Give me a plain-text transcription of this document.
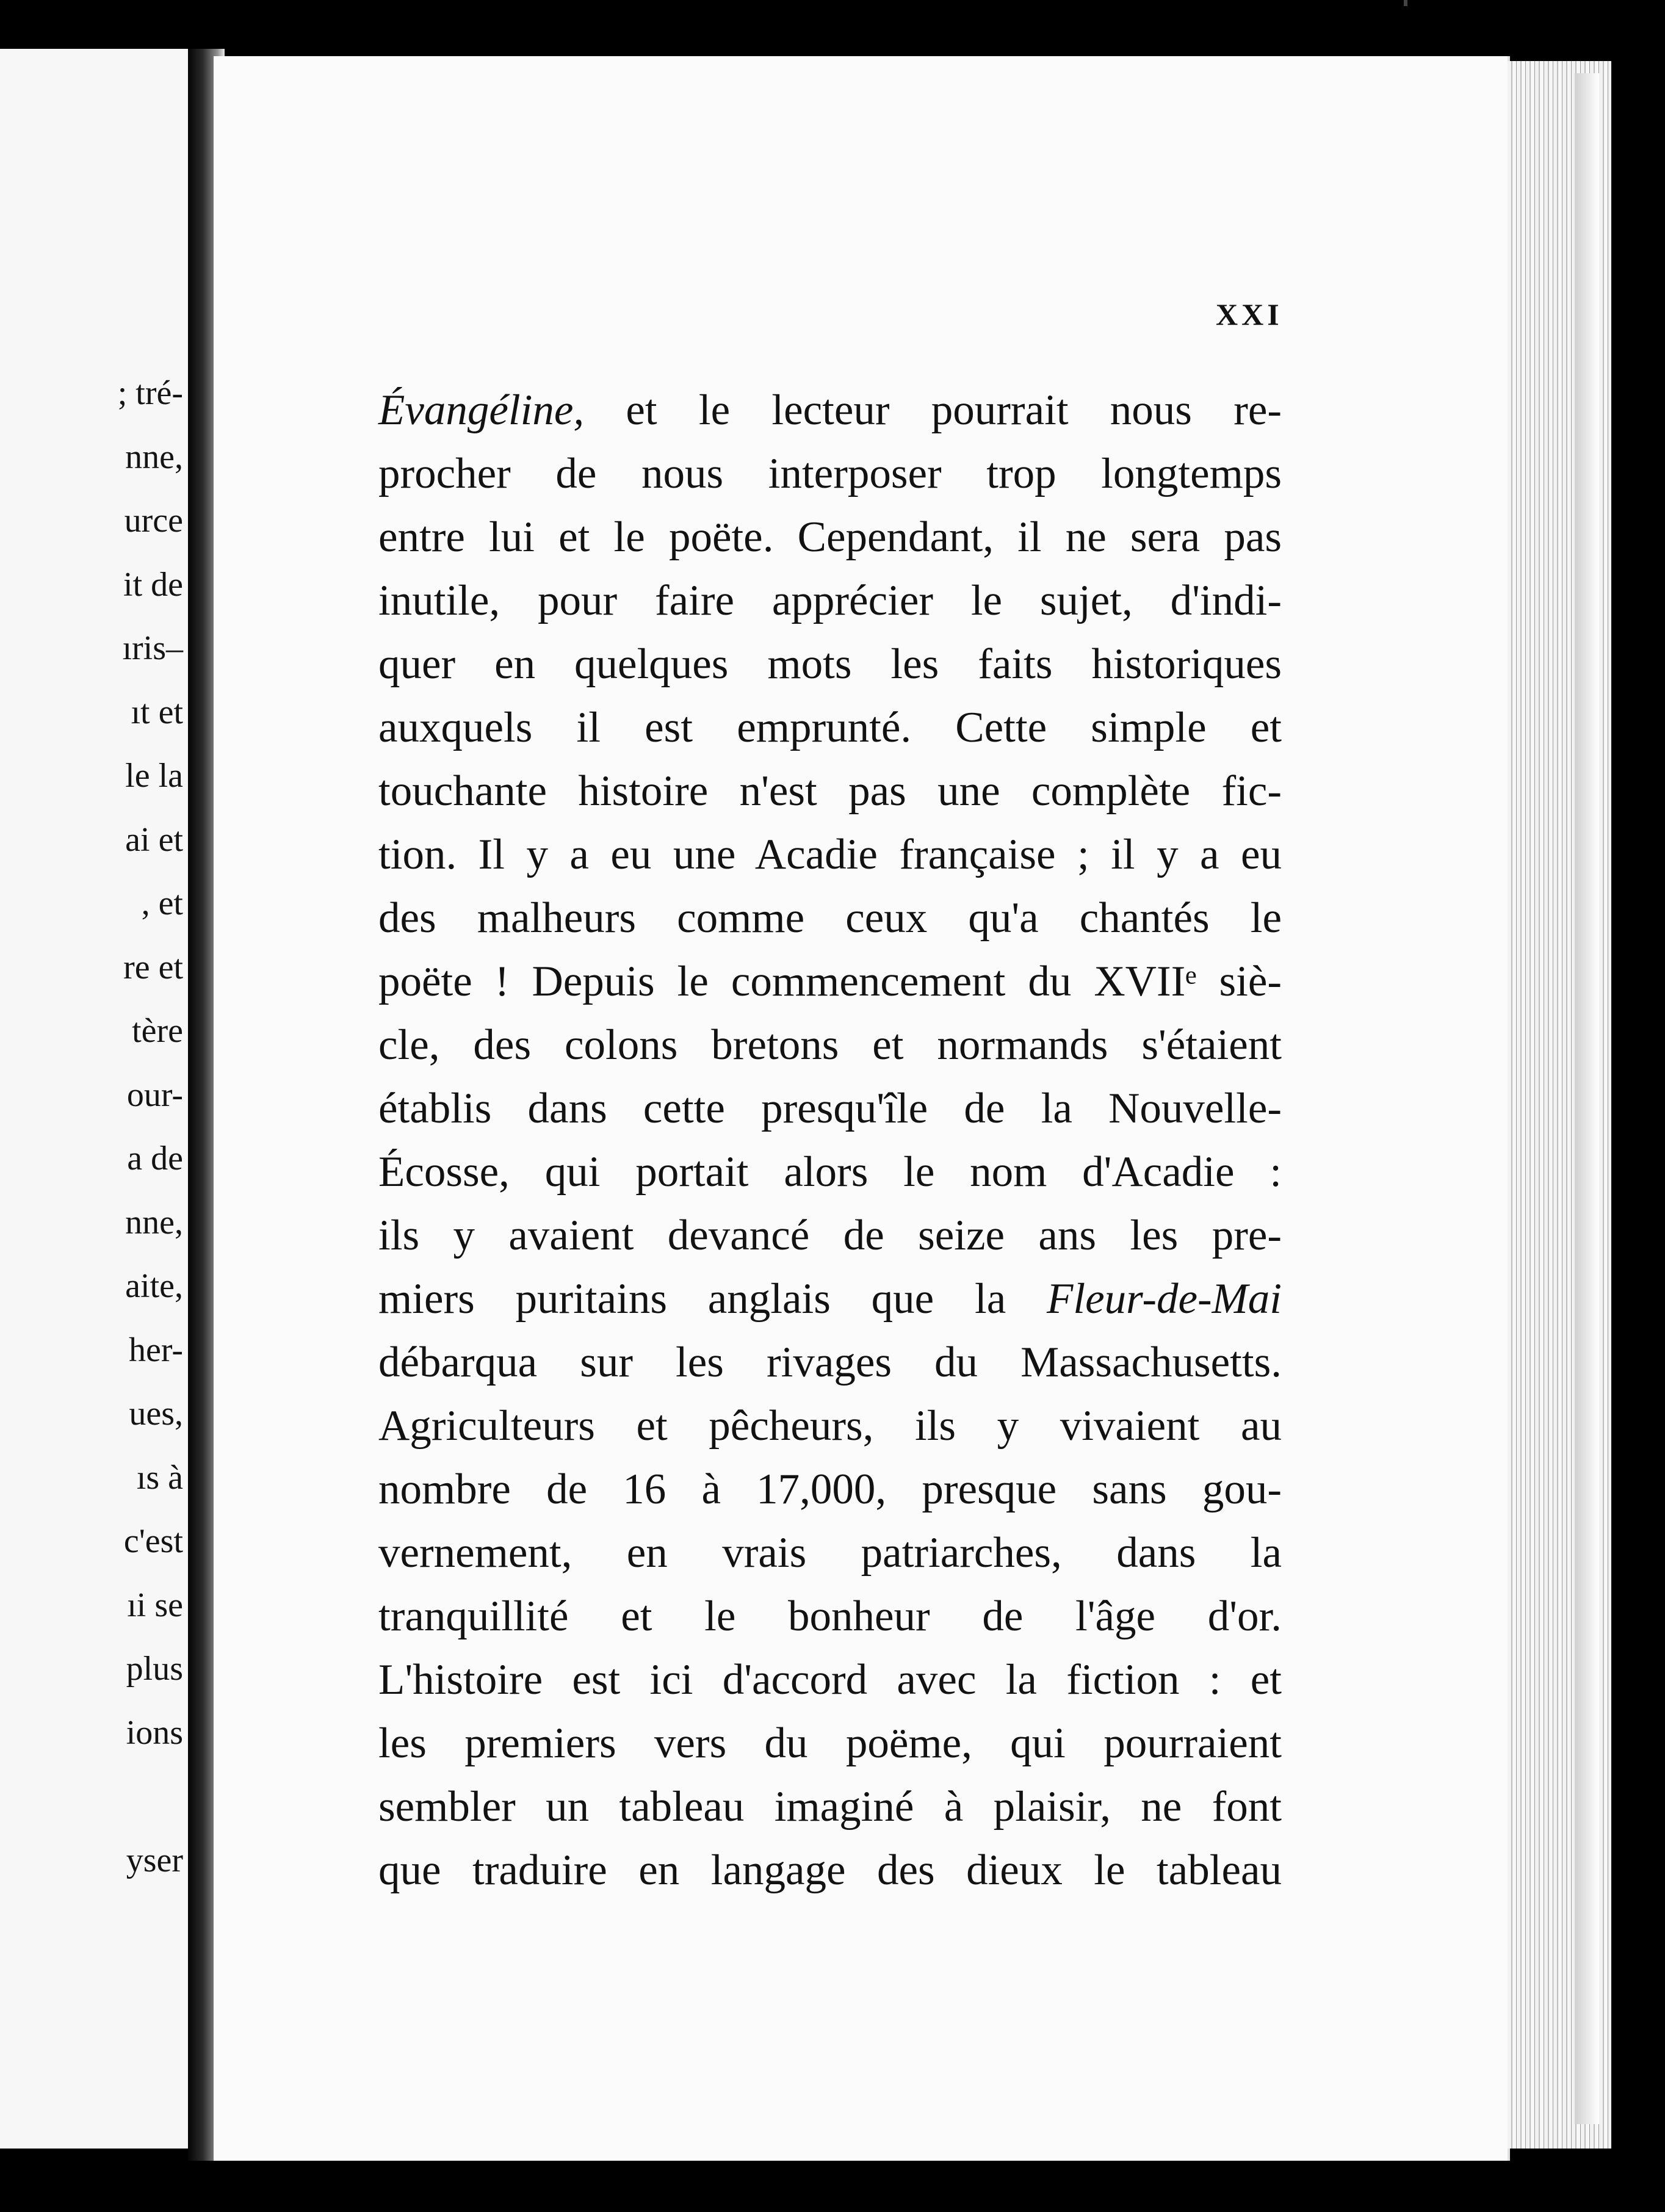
; tré-
nne,
urce
it de
ıris–
ıt et
le la
ai et
, et
re et
tère
our-
a de
nne,
aite,
her-
ues,
ıs à
c'est
ıi se
plus
ions
yser
XXI
Évangéline, et le lecteur pourrait nous re-
procher de nous interposer trop longtemps
entre lui et le poëte. Cependant, il ne sera pas
inutile, pour faire apprécier le sujet, d'indi-
quer en quelques mots les faits historiques
auxquels il est emprunté. Cette simple et
touchante histoire n'est pas une complète fic-
tion. Il y a eu une Acadie française ; il y a eu
des malheurs comme ceux qu'a chantés le
poëte ! Depuis le commencement du XVIIᵉ siè-
cle, des colons bretons et normands s'étaient
établis dans cette presqu'île de la Nouvelle-
Écosse, qui portait alors le nom d'Acadie :
ils y avaient devancé de seize ans les pre-
miers puritains anglais que la Fleur-de-Mai
débarqua sur les rivages du Massachusetts.
Agriculteurs et pêcheurs, ils y vivaient au
nombre de 16 à 17,000, presque sans gou-
vernement, en vrais patriarches, dans la
tranquillité et le bonheur de l'âge d'or.
L'histoire est ici d'accord avec la fiction : et
les premiers vers du poëme, qui pourraient
sembler un tableau imaginé à plaisir, ne font
que traduire en langage des dieux le tableau
